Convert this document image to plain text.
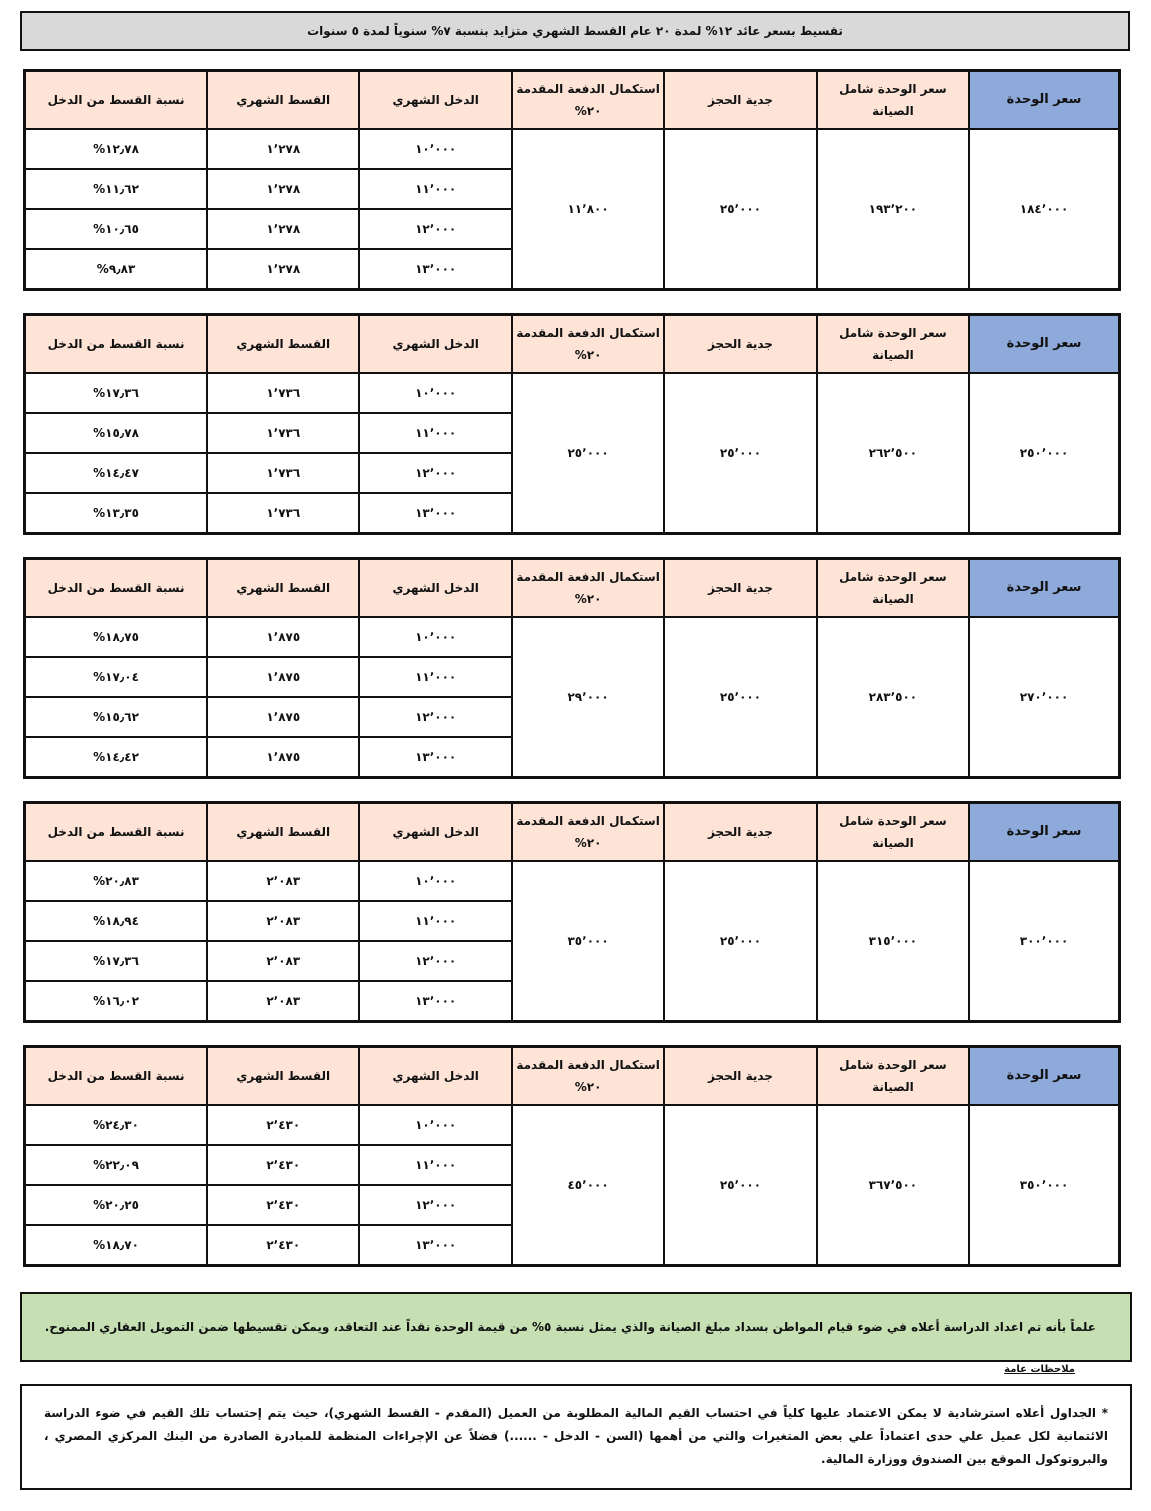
تقسيط بسعر عائد ١٢% لمدة ٢٠ عام القسط الشهري متزايد بنسبة ٧% سنوياً لمدة ٥ سنوات
سعر الوحدة	سعر الوحدة شامل الصيانة	جدية الحجز	استكمال الدفعة المقدمة ٢٠%	الدخل الشهري	القسط الشهري	نسبة القسط من الدخل
١٨٤٬٠٠٠	١٩٣٬٢٠٠	٢٥٬٠٠٠	١١٬٨٠٠	١٠٬٠٠٠	١٬٢٧٨	%١٢٫٧٨
				١١٬٠٠٠	١٬٢٧٨	%١١٫٦٢
				١٢٬٠٠٠	١٬٢٧٨	%١٠٫٦٥
				١٣٬٠٠٠	١٬٢٧٨	%٩٫٨٣
سعر الوحدة	سعر الوحدة شامل الصيانة	جدية الحجز	استكمال الدفعة المقدمة ٢٠%	الدخل الشهري	القسط الشهري	نسبة القسط من الدخل
٢٥٠٬٠٠٠	٢٦٢٬٥٠٠	٢٥٬٠٠٠	٢٥٬٠٠٠	١٠٬٠٠٠	١٬٧٣٦	%١٧٫٣٦
				١١٬٠٠٠	١٬٧٣٦	%١٥٫٧٨
				١٢٬٠٠٠	١٬٧٣٦	%١٤٫٤٧
				١٣٬٠٠٠	١٬٧٣٦	%١٣٫٣٥
سعر الوحدة	سعر الوحدة شامل الصيانة	جدية الحجز	استكمال الدفعة المقدمة ٢٠%	الدخل الشهري	القسط الشهري	نسبة القسط من الدخل
٢٧٠٬٠٠٠	٢٨٣٬٥٠٠	٢٥٬٠٠٠	٢٩٬٠٠٠	١٠٬٠٠٠	١٬٨٧٥	%١٨٫٧٥
				١١٬٠٠٠	١٬٨٧٥	%١٧٫٠٤
				١٢٬٠٠٠	١٬٨٧٥	%١٥٫٦٢
				١٣٬٠٠٠	١٬٨٧٥	%١٤٫٤٢
سعر الوحدة	سعر الوحدة شامل الصيانة	جدية الحجز	استكمال الدفعة المقدمة ٢٠%	الدخل الشهري	القسط الشهري	نسبة القسط من الدخل
٣٠٠٬٠٠٠	٣١٥٬٠٠٠	٢٥٬٠٠٠	٣٥٬٠٠٠	١٠٬٠٠٠	٢٬٠٨٣	%٢٠٫٨٣
				١١٬٠٠٠	٢٬٠٨٣	%١٨٫٩٤
				١٢٬٠٠٠	٢٬٠٨٣	%١٧٫٣٦
				١٣٬٠٠٠	٢٬٠٨٣	%١٦٫٠٢
سعر الوحدة	سعر الوحدة شامل الصيانة	جدية الحجز	استكمال الدفعة المقدمة ٢٠%	الدخل الشهري	القسط الشهري	نسبة القسط من الدخل
٣٥٠٬٠٠٠	٣٦٧٬٥٠٠	٢٥٬٠٠٠	٤٥٬٠٠٠	١٠٬٠٠٠	٢٬٤٣٠	%٢٤٫٣٠
				١١٬٠٠٠	٢٬٤٣٠	%٢٢٫٠٩
				١٢٬٠٠٠	٢٬٤٣٠	%٢٠٫٢٥
				١٣٬٠٠٠	٢٬٤٣٠	%١٨٫٧٠
علماً بأنه تم اعداد الدراسة أعلاه في ضوء قيام المواطن بسداد مبلغ الصيانة والذي يمثل نسبة ٥% من قيمة الوحدة نقداً عند التعاقد، ويمكن تقسيطها ضمن التمويل العقاري الممنوح.
ملاحظات عامة
* الجداول أعلاه استرشادية لا يمكن الاعتماد عليها كلياً في احتساب القيم المالية المطلوبة من العميل (المقدم - القسط الشهري)، حيث يتم إحتساب تلك القيم في ضوء الدراسة الائتمانية لكل عميل علي حدى اعتماداً علي بعض المتغيرات والتي من أهمها (السن - الدخل - ......) فضلاً عن الإجراءات المنظمة للمبادرة الصادرة من البنك المركزي المصري ، والبروتوكول الموقع بين الصندوق ووزارة المالية.
